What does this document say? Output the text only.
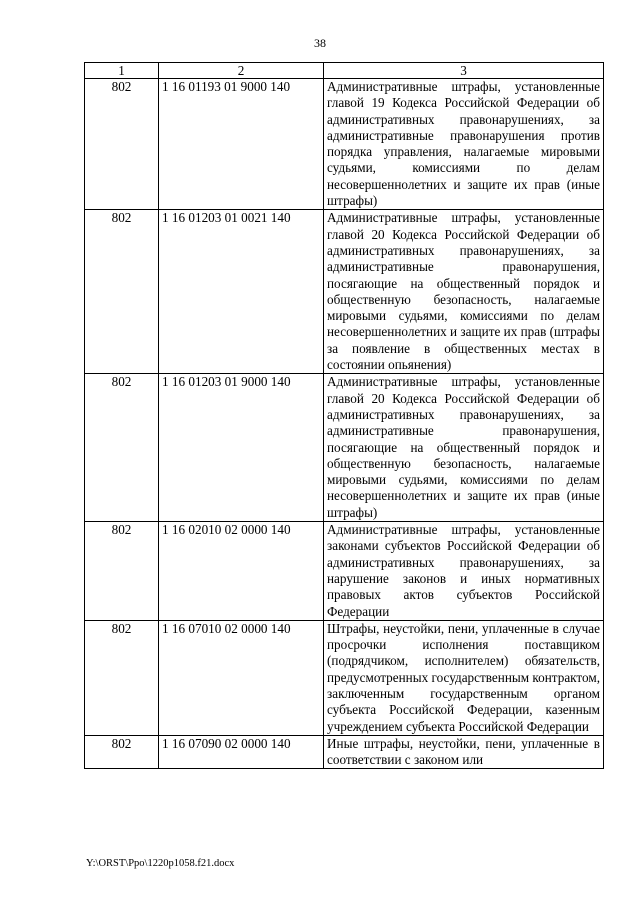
38
1	2	3
802	1 16 01193 01 9000 140	Административные штрафы, установленные главой 19 Кодекса Российской Федерации об административных правонарушениях, за административные правонарушения против порядка управления, налагаемые мировыми судьями, комиссиями по делам несовершеннолетних и защите их прав (иные штрафы)
802	1 16 01203 01 0021 140	Административные штрафы, установленные главой 20 Кодекса Российской Федерации об административных правонарушениях, за административные правонарушения, посягающие на общественный порядок и общественную безопасность, налагаемые мировыми судьями, комиссиями по делам несовершеннолетних и защите их прав (штрафы за появление в общественных местах в состоянии опьянения)
802	1 16 01203 01 9000 140	Административные штрафы, установленные главой 20 Кодекса Российской Федерации об административных правонарушениях, за административные правонарушения, посягающие на общественный порядок и общественную безопасность, налагаемые мировыми судьями, комиссиями по делам несовершеннолетних и защите их прав (иные штрафы)
802	1 16 02010 02 0000 140	Административные штрафы, установленные законами субъектов Российской Федерации об административных правонарушениях, за нарушение законов и иных нормативных правовых актов субъектов Российской Федерации
802	1 16 07010 02 0000 140	Штрафы, неустойки, пени, уплаченные в случае просрочки исполнения поставщиком (подрядчиком, исполнителем) обязательств, предусмотренных государственным контрактом, заключенным государственным органом субъекта Российской Федерации, казенным учреждением субъекта Российской Федерации
802	1 16 07090 02 0000 140	Иные штрафы, неустойки, пени, уплаченные в соответствии с законом или
Y:\ORST\Ppo\1220p1058.f21.docx
